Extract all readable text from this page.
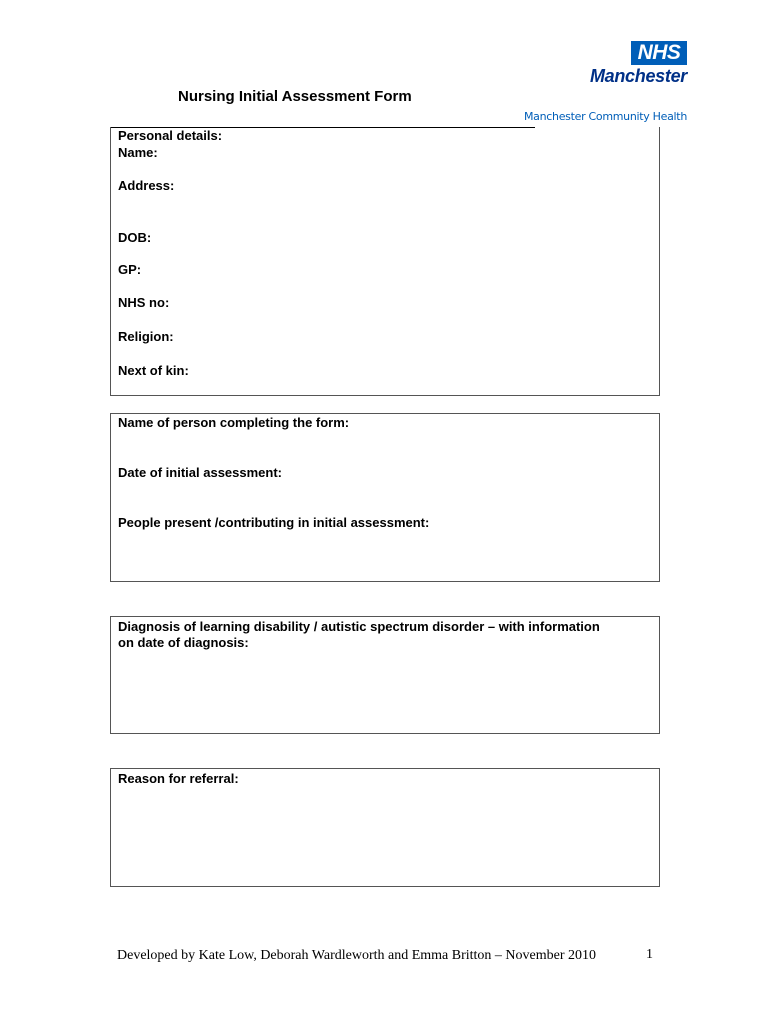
NHS
Manchester
Manchester Community Health
Nursing Initial Assessment Form
Personal details:
Name:
Address:
DOB:
GP:
NHS no:
Religion:
Next of kin:
Name of person completing the form:
Date of initial assessment:
People present /contributing in initial assessment:
Diagnosis of learning disability / autistic spectrum disorder – with information on date of diagnosis:
Reason for referral:
Developed by Kate Low, Deborah Wardleworth and Emma Britton – November 2010	1
